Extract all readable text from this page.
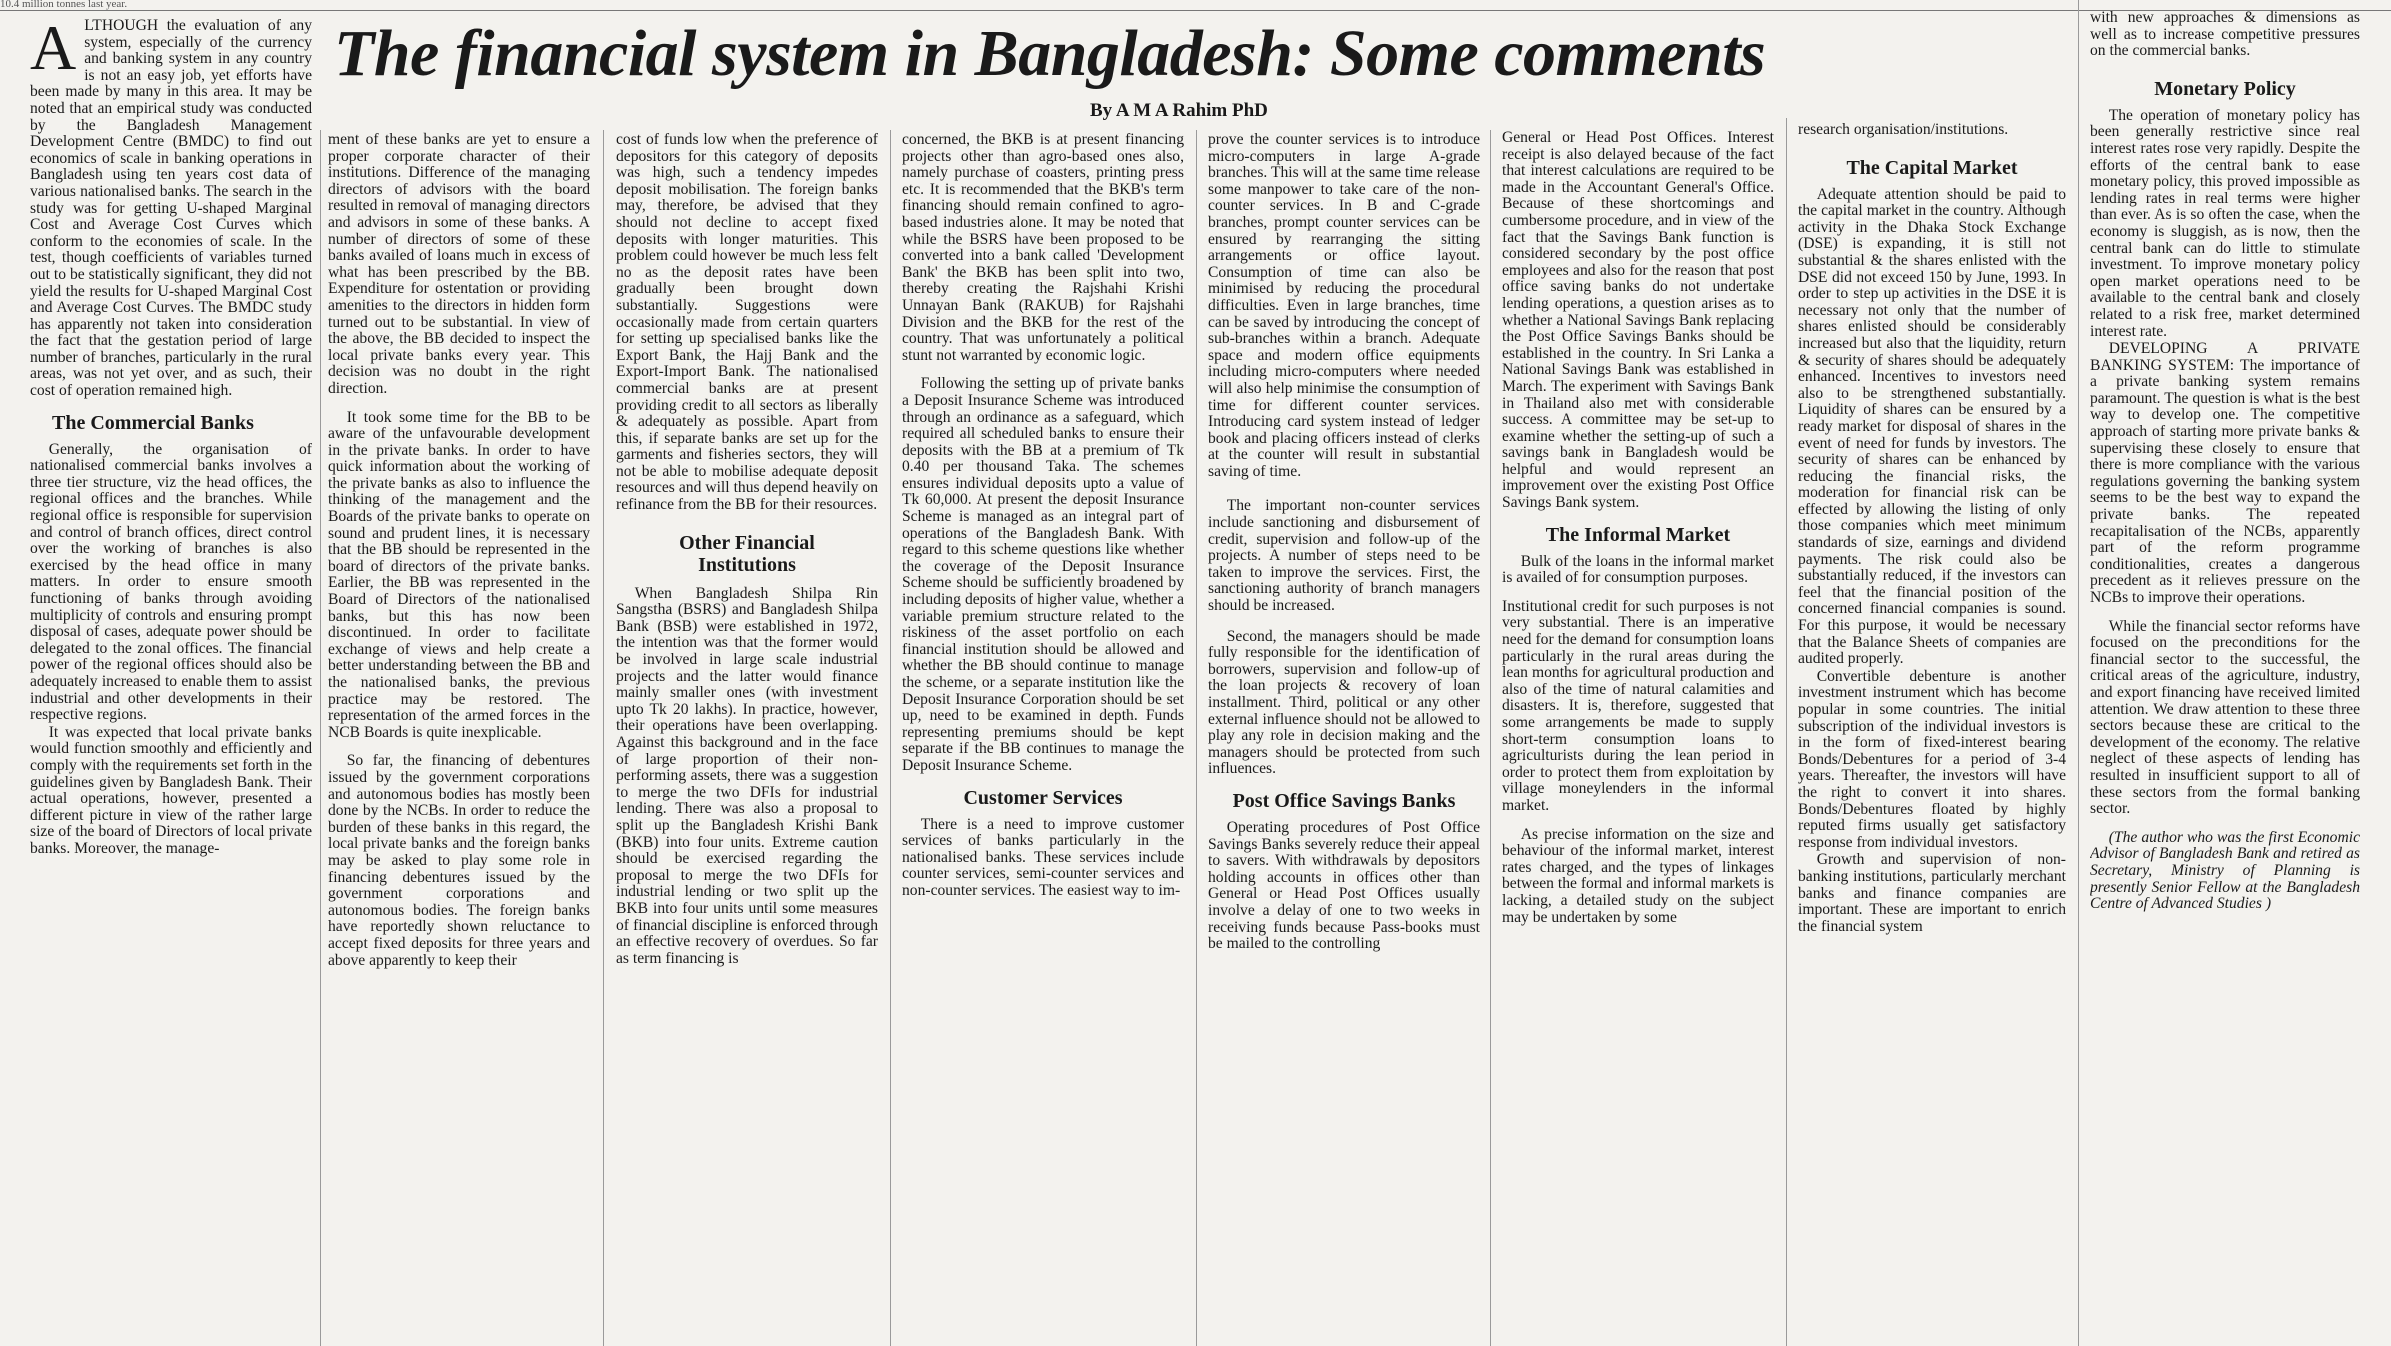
10.4 million tonnes last year.
The financial system in Bangladesh: Some comments
By A M A Rahim PhD

ALTHOUGH the evaluation of any system, especially of the currency and banking system in any country is not an easy job, yet efforts have been made by many in this area. It may be noted that an empirical study was conducted by the Bangladesh Management Development Centre (BMDC) to find out economics of scale in banking operations in Bangladesh using ten years cost data of various nationalised banks. The search in the study was for getting U-shaped Marginal Cost and Average Cost Curves which conform to the economies of scale. In the test, though coefficients of variables turned out to be statistically significant, they did not yield the results for U-shaped Marginal Cost and Average Cost Curves. The BMDC study has apparently not taken into consideration the fact that the gestation period of large number of branches, particularly in the rural areas, was not yet over, and as such, their cost of operation remained high.

The Commercial Banks

Generally, the organisation of nationalised commercial banks involves a three tier structure, viz the head offices, the regional offices and the branches. While regional office is responsible for supervision and control of branch offices, direct control over the working of branches is also exercised by the head office in many matters. In order to ensure smooth functioning of banks through avoiding multiplicity of controls and ensuring prompt disposal of cases, adequate power should be delegated to the zonal offices. The financial power of the regional offices should also be adequately increased to enable them to assist industrial and other developments in their respective regions.

It was expected that local private banks would function smoothly and efficiently and comply with the requirements set forth in the guidelines given by Bangladesh Bank. Their actual operations, however, presented a different picture in view of the rather large size of the board of Directors of local private banks. Moreover, the manage-

ment of these banks are yet to ensure a proper corporate character of their institutions. Difference of the managing directors of advisors with the board resulted in removal of managing directors and advisors in some of these banks. A number of directors of some of these banks availed of loans much in excess of what has been prescribed by the BB. Expenditure for ostentation or providing amenities to the directors in hidden form turned out to be substantial. In view of the above, the BB decided to inspect the local private banks every year. This decision was no doubt in the right direction.

It took some time for the BB to be aware of the unfavourable development in the private banks. In order to have quick information about the working of the private banks as also to influence the thinking of the management and the Boards of the private banks to operate on sound and prudent lines, it is necessary that the BB should be represented in the board of directors of the private banks. Earlier, the BB was represented in the Board of Directors of the nationalised banks, but this has now been discontinued. In order to facilitate exchange of views and help create a better understanding between the BB and the nationalised banks, the previous practice may be restored. The representation of the armed forces in the NCB Boards is quite inexplicable.

So far, the financing of debentures issued by the government corporations and autonomous bodies has mostly been done by the NCBs. In order to reduce the burden of these banks in this regard, the local private banks and the foreign banks may be asked to play some role in financing debentures issued by the government corporations and autonomous bodies. The foreign banks have reportedly shown reluctance to accept fixed deposits for three years and above apparently to keep their

cost of funds low when the preference of depositors for this category of deposits was high, such a tendency impedes deposit mobilisation. The foreign banks may, therefore, be advised that they should not decline to accept fixed deposits with longer maturities. This problem could however be much less felt no as the deposit rates have been gradually been brought down substantially. Suggestions were occasionally made from certain quarters for setting up specialised banks like the Export Bank, the Hajj Bank and the Export-Import Bank. The nationalised commercial banks are at present providing credit to all sectors as liberally & adequately as possible. Apart from this, if separate banks are set up for the garments and fisheries sectors, they will not be able to mobilise adequate deposit resources and will thus depend heavily on refinance from the BB for their resources.

Other Financial Institutions

When Bangladesh Shilpa Rin Sangstha (BSRS) and Bangladesh Shilpa Bank (BSB) were established in 1972, the intention was that the former would be involved in large scale industrial projects and the latter would finance mainly smaller ones (with investment upto Tk 20 lakhs). In practice, however, their operations have been overlapping. Against this background and in the face of large proportion of their non-performing assets, there was a suggestion to merge the two DFIs for industrial lending. There was also a proposal to split up the Bangladesh Krishi Bank (BKB) into four units. Extreme caution should be exercised regarding the proposal to merge the two DFIs for industrial lending or two split up the BKB into four units until some measures of financial discipline is enforced through an effective recovery of overdues. So far as term financing is

concerned, the BKB is at present financing projects other than agro-based ones also, namely purchase of coasters, printing press etc. It is recommended that the BKB's term financing should remain confined to agro-based industries alone. It may be noted that while the BSRS have been proposed to be converted into a bank called 'Development Bank' the BKB has been split into two, thereby creating the Rajshahi Krishi Unnayan Bank (RAKUB) for Rajshahi Division and the BKB for the rest of the country. That was unfortunately a political stunt not warranted by economic logic.

Following the setting up of private banks a Deposit Insurance Scheme was introduced through an ordinance as a safeguard, which required all scheduled banks to ensure their deposits with the BB at a premium of Tk 0.40 per thousand Taka. The schemes ensures individual deposits upto a value of Tk 60,000. At present the deposit Insurance Scheme is managed as an integral part of operations of the Bangladesh Bank. With regard to this scheme questions like whether the coverage of the Deposit Insurance Scheme should be sufficiently broadened by including deposits of higher value, whether a variable premium structure related to the riskiness of the asset portfolio on each financial institution should be allowed and whether the BB should continue to manage the scheme, or a separate institution like the Deposit Insurance Corporation should be set up, need to be examined in depth. Funds representing premiums should be kept separate if the BB continues to manage the Deposit Insurance Scheme.

Customer Services

There is a need to improve customer services of banks particularly in the nationalised banks. These services include counter services, semi-counter services and non-counter services. The easiest way to im-

prove the counter services is to introduce micro-computers in large A-grade branches. This will at the same time release some manpower to take care of the non-counter services. In B and C-grade branches, prompt counter services can be ensured by rearranging the sitting arrangements or office layout. Consumption of time can also be minimised by reducing the procedural difficulties. Even in large branches, time can be saved by introducing the concept of sub-branches within a branch. Adequate space and modern office equipments including micro-computers where needed will also help minimise the consumption of time for different counter services. Introducing card system instead of ledger book and placing officers instead of clerks at the counter will result in substantial saving of time.

The important non-counter services include sanctioning and disbursement of credit, supervision and follow-up of the projects. A number of steps need to be taken to improve the services. First, the sanctioning authority of branch managers should be increased.

Second, the managers should be made fully responsible for the identification of borrowers, supervision and follow-up of the loan projects & recovery of loan installment. Third, political or any other external influence should not be allowed to play any role in decision making and the managers should be protected from such influences.

Post Office Savings Banks

Operating procedures of Post Office Savings Banks severely reduce their appeal to savers. With withdrawals by depositors holding accounts in offices other than General or Head Post Offices usually involve a delay of one to two weeks in receiving funds because Pass-books must be mailed to the controlling

General or Head Post Offices. Interest receipt is also delayed because of the fact that interest calculations are required to be made in the Accountant General's Office. Because of these shortcomings and cumbersome procedure, and in view of the fact that the Savings Bank function is considered secondary by the post office employees and also for the reason that post office saving banks do not undertake lending operations, a question arises as to whether a National Savings Bank replacing the Post Office Savings Banks should be established in the country. In Sri Lanka a National Savings Bank was established in March. The experiment with Savings Bank in Thailand also met with considerable success. A committee may be set-up to examine whether the setting-up of such a savings bank in Bangladesh would be helpful and would represent an improvement over the existing Post Office Savings Bank system.

The Informal Market

Bulk of the loans in the informal market is availed of for consumption purposes.

Institutional credit for such purposes is not very substantial. There is an imperative need for the demand for consumption loans particularly in the rural areas during the lean months for agricultural production and also of the time of natural calamities and disasters. It is, therefore, suggested that some arrangements be made to supply short-term consumption loans to agriculturists during the lean period in order to protect them from exploitation by village moneylenders in the informal market.

As precise information on the size and behaviour of the informal market, interest rates charged, and the types of linkages between the formal and informal markets is lacking, a detailed study on the subject may be undertaken by some

research organisation/institutions.

The Capital Market

Adequate attention should be paid to the capital market in the country. Although activity in the Dhaka Stock Exchange (DSE) is expanding, it is still not substantial & the shares enlisted with the DSE did not exceed 150 by June, 1993. In order to step up activities in the DSE it is necessary not only that the number of shares enlisted should be considerably increased but also that the liquidity, return & security of shares should be adequately enhanced. Incentives to investors need also to be strengthened substantially. Liquidity of shares can be ensured by a ready market for disposal of shares in the event of need for funds by investors. The security of shares can be enhanced by reducing the financial risks, the moderation for financial risk can be effected by allowing the listing of only those companies which meet minimum standards of size, earnings and dividend payments. The risk could also be substantially reduced, if the investors can feel that the financial position of the concerned financial companies is sound. For this purpose, it would be necessary that the Balance Sheets of companies are audited properly.

Convertible debenture is another investment instrument which has become popular in some countries. The initial subscription of the individual investors is in the form of fixed-interest bearing Bonds/Debentures for a period of 3-4 years. Thereafter, the investors will have the right to convert it into shares. Bonds/Debentures floated by highly reputed firms usually get satisfactory response from individual investors.

Growth and supervision of non-banking institutions, particularly merchant banks and finance companies are important. These are important to enrich the financial system

with new approaches & dimensions as well as to increase competitive pressures on the commercial banks.

Monetary Policy

The operation of monetary policy has been generally restrictive since real interest rates rose very rapidly. Despite the efforts of the central bank to ease monetary policy, this proved impossible as lending rates in real terms were higher than ever. As is so often the case, when the economy is sluggish, as is now, then the central bank can do little to stimulate investment. To improve monetary policy open market operations need to be available to the central bank and closely related to a risk free, market determined interest rate.

DEVELOPING A PRIVATE BANKING SYSTEM: The importance of a private banking system remains paramount. The question is what is the best way to develop one. The competitive approach of starting more private banks & supervising these closely to ensure that there is more compliance with the various regulations governing the banking system seems to be the best way to expand the private banks. The repeated recapitalisation of the NCBs, apparently part of the reform programme conditionalities, creates a dangerous precedent as it relieves pressure on the NCBs to improve their operations.

While the financial sector reforms have focused on the preconditions for the financial sector to the successful, the critical areas of the agriculture, industry, and export financing have received limited attention. We draw attention to these three sectors because these are critical to the development of the economy. The relative neglect of these aspects of lending has resulted in insufficient support to all of these sectors from the formal banking sector.

(The author who was the first Economic Advisor of Bangladesh Bank and retired as Secretary, Ministry of Planning is presently Senior Fellow at the Bangladesh Centre of Advanced Studies )
